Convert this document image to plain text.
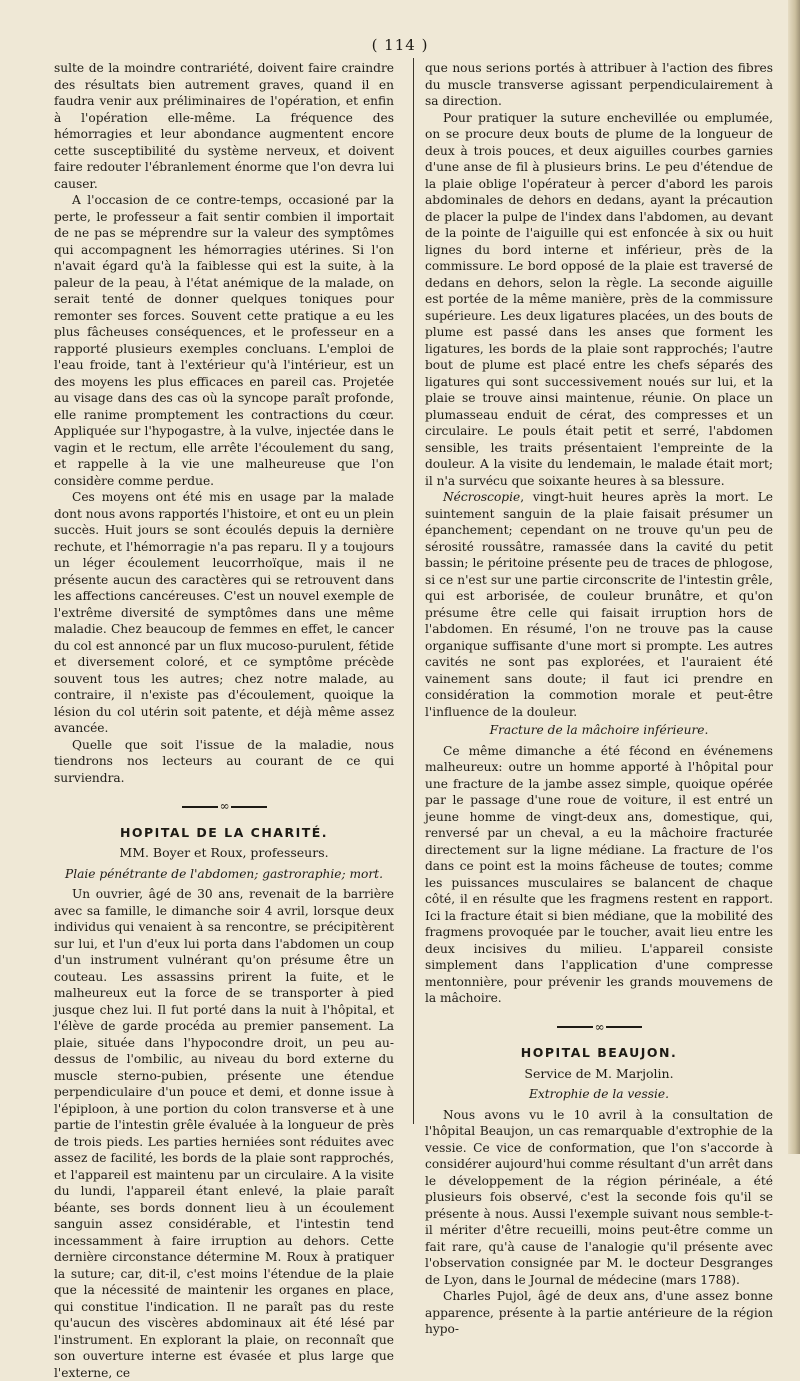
( 114 )

sulte de la moindre contrariété, doivent faire craindre des résultats bien autrement graves, quand il en faudra venir aux préliminaires de l'opération, et enfin à l'opération elle-même. La fréquence des hémorragies et leur abondance augmentent encore cette susceptibilité du système nerveux, et doivent faire redouter l'ébranlement énorme que l'on devra lui causer.

A l'occasion de ce contre-temps, occasioné par la perte, le professeur a fait sentir combien il importait de ne pas se méprendre sur la valeur des symptômes qui accompagnent les hémorragies utérines. Si l'on n'avait égard qu'à la faiblesse qui est la suite, à la paleur de la peau, à l'état anémique de la malade, on serait tenté de donner quelques toniques pour remonter ses forces. Souvent cette pratique a eu les plus fâcheuses conséquences, et le professeur en a rapporté plusieurs exemples concluans. L'emploi de l'eau froide, tant à l'extérieur qu'à l'intérieur, est un des moyens les plus efficaces en pareil cas. Projetée au visage dans des cas où la syncope paraît profonde, elle ranime promptement les contractions du cœur. Appliquée sur l'hypogastre, à la vulve, injectée dans le vagin et le rectum, elle arrête l'écoulement du sang, et rappelle à la vie une malheureuse que l'on considère comme perdue.

Ces moyens ont été mis en usage par la malade dont nous avons rapportés l'histoire, et ont eu un plein succès. Huit jours se sont écoulés depuis la dernière rechute, et l'hémorragie n'a pas reparu. Il y a toujours un léger écoulement leucorrhoïque, mais il ne présente aucun des caractères qui se retrouvent dans les affections cancéreuses. C'est un nouvel exemple de l'extrême diversité de symptômes dans une même maladie. Chez beaucoup de femmes en effet, le cancer du col est annoncé par un flux mucoso-purulent, fétide et diversement coloré, et ce symptôme précède souvent tous les autres; chez notre malade, au contraire, il n'existe pas d'écoulement, quoique la lésion du col utérin soit patente, et déjà même assez avancée.

Quelle que soit l'issue de la maladie, nous tiendrons nos lecteurs au courant de ce qui surviendra.

∞
HOPITAL DE LA CHARITÉ.
MM. Boyer et Roux, professeurs.
Plaie pénétrante de l'abdomen; gastroraphie; mort.

Un ouvrier, âgé de 30 ans, revenait de la barrière avec sa famille, le dimanche soir 4 avril, lorsque deux individus qui venaient à sa rencontre, se précipitèrent sur lui, et l'un d'eux lui porta dans l'abdomen un coup d'un instrument vulnérant qu'on présume être un couteau. Les assassins prirent la fuite, et le malheureux eut la force de se transporter à pied jusque chez lui. Il fut porté dans la nuit à l'hôpital, et l'élève de garde procéda au premier pansement. La plaie, située dans l'hypocondre droit, un peu au-dessus de l'ombilic, au niveau du bord externe du muscle sterno-pubien, présente une étendue perpendiculaire d'un pouce et demi, et donne issue à l'épiploon, à une portion du colon transverse et à une partie de l'intestin grêle évaluée à la longueur de près de trois pieds. Les parties herniées sont réduites avec assez de facilité, les bords de la plaie sont rapprochés, et l'appareil est maintenu par un circulaire. A la visite du lundi, l'appareil étant enlevé, la plaie paraît béante, ses bords donnent lieu à un écoulement sanguin assez considérable, et l'intestin tend incessamment à faire irruption au dehors. Cette dernière circonstance détermine M. Roux à pratiquer la suture; car, dit-il, c'est moins l'étendue de la plaie que la nécessité de maintenir les organes en place, qui constitue l'indication. Il ne paraît pas du reste qu'aucun des viscères abdominaux ait été lésé par l'instrument. En explorant la plaie, on reconnaît que son ouverture interne est évasée et plus large que l'externe, ce

que nous serions portés à attribuer à l'action des fibres du muscle transverse agissant perpendiculairement à sa direction.

Pour pratiquer la suture enchevillée ou emplumée, on se procure deux bouts de plume de la longueur de deux à trois pouces, et deux aiguilles courbes garnies d'une anse de fil à plusieurs brins. Le peu d'étendue de la plaie oblige l'opérateur à percer d'abord les parois abdominales de dehors en dedans, ayant la précaution de placer la pulpe de l'index dans l'abdomen, au devant de la pointe de l'aiguille qui est enfoncée à six ou huit lignes du bord interne et inférieur, près de la commissure. Le bord opposé de la plaie est traversé de dedans en dehors, selon la règle. La seconde aiguille est portée de la même manière, près de la commissure supérieure. Les deux ligatures placées, un des bouts de plume est passé dans les anses que forment les ligatures, les bords de la plaie sont rapprochés; l'autre bout de plume est placé entre les chefs séparés des ligatures qui sont successivement noués sur lui, et la plaie se trouve ainsi maintenue, réunie. On place un plumasseau enduit de cérat, des compresses et un circulaire. Le pouls était petit et serré, l'abdomen sensible, les traits présentaient l'empreinte de la douleur. A la visite du lendemain, le malade était mort; il n'a survécu que soixante heures à sa blessure.

Nécroscopie, vingt-huit heures après la mort. Le suintement sanguin de la plaie faisait présumer un épanchement; cependant on ne trouve qu'un peu de sérosité roussâtre, ramassée dans la cavité du petit bassin; le péritoine présente peu de traces de phlogose, si ce n'est sur une partie circonscrite de l'intestin grêle, qui est arborisée, de couleur brunâtre, et qu'on présume être celle qui faisait irruption hors de l'abdomen. En résumé, l'on ne trouve pas la cause organique suffisante d'une mort si prompte. Les autres cavités ne sont pas explorées, et l'auraient été vainement sans doute; il faut ici prendre en considération la commotion morale et peut-être l'influence de la douleur.

Fracture de la mâchoire inférieure.

Ce même dimanche a été fécond en événemens malheureux: outre un homme apporté à l'hôpital pour une fracture de la jambe assez simple, quoique opérée par le passage d'une roue de voiture, il est entré un jeune homme de vingt-deux ans, domestique, qui, renversé par un cheval, a eu la mâchoire fracturée directement sur la ligne médiane. La fracture de l'os dans ce point est la moins fâcheuse de toutes; comme les puissances musculaires se balancent de chaque côté, il en résulte que les fragmens restent en rapport. Ici la fracture était si bien médiane, que la mobilité des fragmens provoquée par le toucher, avait lieu entre les deux incisives du milieu. L'appareil consiste simplement dans l'application d'une compresse mentonnière, pour prévenir les grands mouvemens de la mâchoire.

∞
HOPITAL BEAUJON.
Service de M. Marjolin.
Extrophie de la vessie.

Nous avons vu le 10 avril à la consultation de l'hôpital Beaujon, un cas remarquable d'extrophie de la vessie. Ce vice de conformation, que l'on s'accorde à considérer aujourd'hui comme résultant d'un arrêt dans le développement de la région périnéale, a été plusieurs fois observé, c'est la seconde fois qu'il se présente à nous. Aussi l'exemple suivant nous semble-t-il mériter d'être recueilli, moins peut-être comme un fait rare, qu'à cause de l'analogie qu'il présente avec l'observation consignée par M. le docteur Desgranges de Lyon, dans le Journal de médecine (mars 1788).

Charles Pujol, âgé de deux ans, d'une assez bonne apparence, présente à la partie antérieure de la région hypo-
